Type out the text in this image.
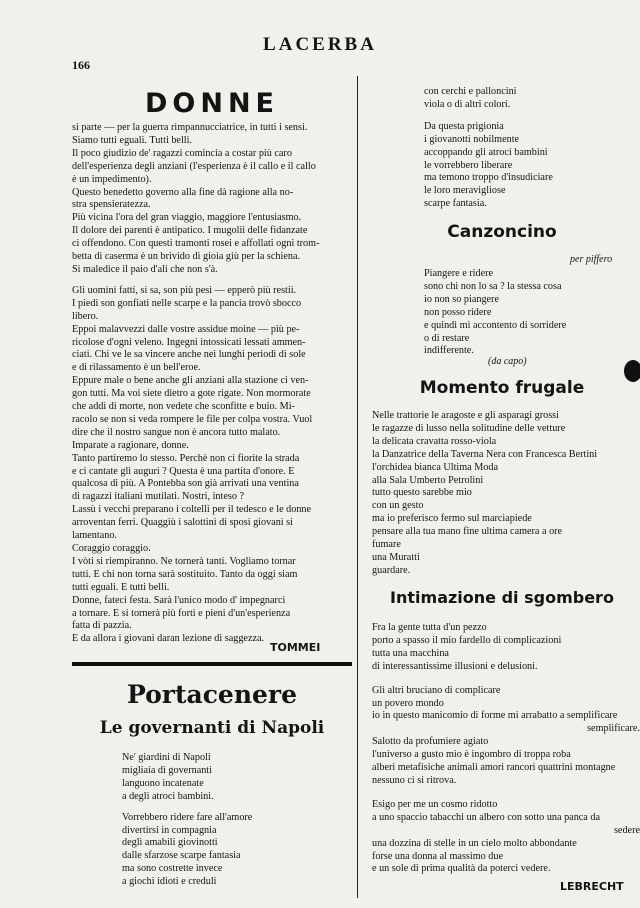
LACERBA
166
DONNE
si parte — per la guerra rimpannucciatrice, in tutti i sensi.
Siamo tutti eguali. Tutti belli.
Il poco giudizio de' ragazzi comincia a costar più caro
dell'esperienza degli anziani (l'esperienza è il callo e il callo
è un impedimento).
Questo benedetto governo alla fine dà ragione alla no-
stra spensieratezza.
Più vicina l'ora del gran viaggio, maggiore l'entusiasmo.
Il dolore dei parenti è antipatico. I mugolii delle fidanzate
ci offendono. Con questi tramonti rosei e affollati ogni trom-
betta di caserma è un brivido di gioia giù per la schiena.
Si maledice il paio d'ali che non s'à.
Gli uomini fatti, si sa, son più pesi — epperò più restii.
I piedi son gonfiati nelle scarpe e la pancia trovò sbocco
libero.
Eppoi malavvezzi dalle vostre assidue moine — più pe-
ricolose d'ogni veleno. Ingegni intossicati lessati ammen-
ciati. Chi ve le sa vincere anche nei lunghi periodi di sole
e di rilassamento è un bell'eroe.
Eppure male o bene anche gli anziani alla stazione ci ven-
gon tutti. Ma voi siete dietro a gote rigate. Non mormorate
che addì di morte, non vedete che sconfitte e buio. Mi-
racolo se non si veda rompere le file per colpa vostra. Vuol
dire che il nostro sangue non è ancora tutto malato.
Imparate a ragionare, donne.
Tanto partiremo lo stesso. Perchè non ci fiorite la strada
e ci cantate gli auguri ? Questa è una partita d'onore. E
qualcosa di più. A Pontebba son già arrivati una ventina
di ragazzi italiani mutilati. Nostri, inteso ?
Lassù i vecchi preparano i coltelli per il tedesco e le donne
arroventan ferri. Quaggiù i salottini di sposi giovani si
lamentano.
Coraggio coraggio.
I vòti si riempiranno. Ne tornerà tanti. Vogliamo tornar
tutti. E chi non torna sarà sostituito. Tanto da oggi siam
tutti eguali. E tutti belli.
Donne, fateci festa. Sarà l'unico modo d' impegnarci
a tornare. E si tornerà più forti e pieni d'un'esperienza
fatta di pazzia.
E da allora i giovani daran lezione di saggezza.
TOMMEI
Portacenere
Le governanti di Napoli
Ne' giardini di Napoli
migliaia di governanti
languono incatenate
a degli atroci bambini.
Vorrebbero ridere fare all'amore
divertirsi in compagnia
degli amabili giovinotti
dalle sfarzose scarpe fantasia
ma sono costrette invece
a giochi idioti e creduli
con cerchi e palloncini
viola o di altri colori.
Da questa prigionia
i giovanotti nobilmente
accoppando gli atroci bambini
le vorrebbero liberare
ma temono troppo d'insudiciare
le loro meravigliose
scarpe fantasia.
Canzoncino
per piffero
Piangere e ridere
sono chi non lo sa ? la stessa cosa
io non so piangere
non posso ridere
e quindi mi accontento di sorridere
o di restare
indifferente.
(da capo)
Momento frugale
Nelle trattorie le aragoste e gli asparagi grossi
le ragazze di lusso nella solitudine delle vetture
la delicata cravatta rosso-viola
la Danzatrice della Taverna Nera con Francesca Bertini
l'orchidea bianca Ultima Moda
alla Sala Umberto Petrolini
tutto questo sarebbe mio
con un gesto
ma io preferisco fermo sul marciapiede
pensare alla tua mano fine ultima camera a ore
fumare
una Muratti
guardare.
Intimazione di sgombero
Fra la gente tutta d'un pezzo
porto a spasso il mio fardello di complicazioni
tutta una macchina
di interessantissime illusioni e delusioni.
Gli altri bruciano di complicare
un povero mondo
io in questo manicomio di forme mi arrabatto a semplificare
semplificare.
Salotto da profumiere agiato
l'universo a gusto mio è ingombro di troppa roba
alberi metafisiche animali amori rancori quattrini montagne
nessuno ci si ritrova.
Esigo per me un cosmo ridotto
a uno spaccio tabacchi un albero con sotto una panca da
sedere
una dozzina di stelle in un cielo molto abbondante
forse una donna al massimo due
e un sole di prima qualità da poterci vedere.
LEBRECHT
